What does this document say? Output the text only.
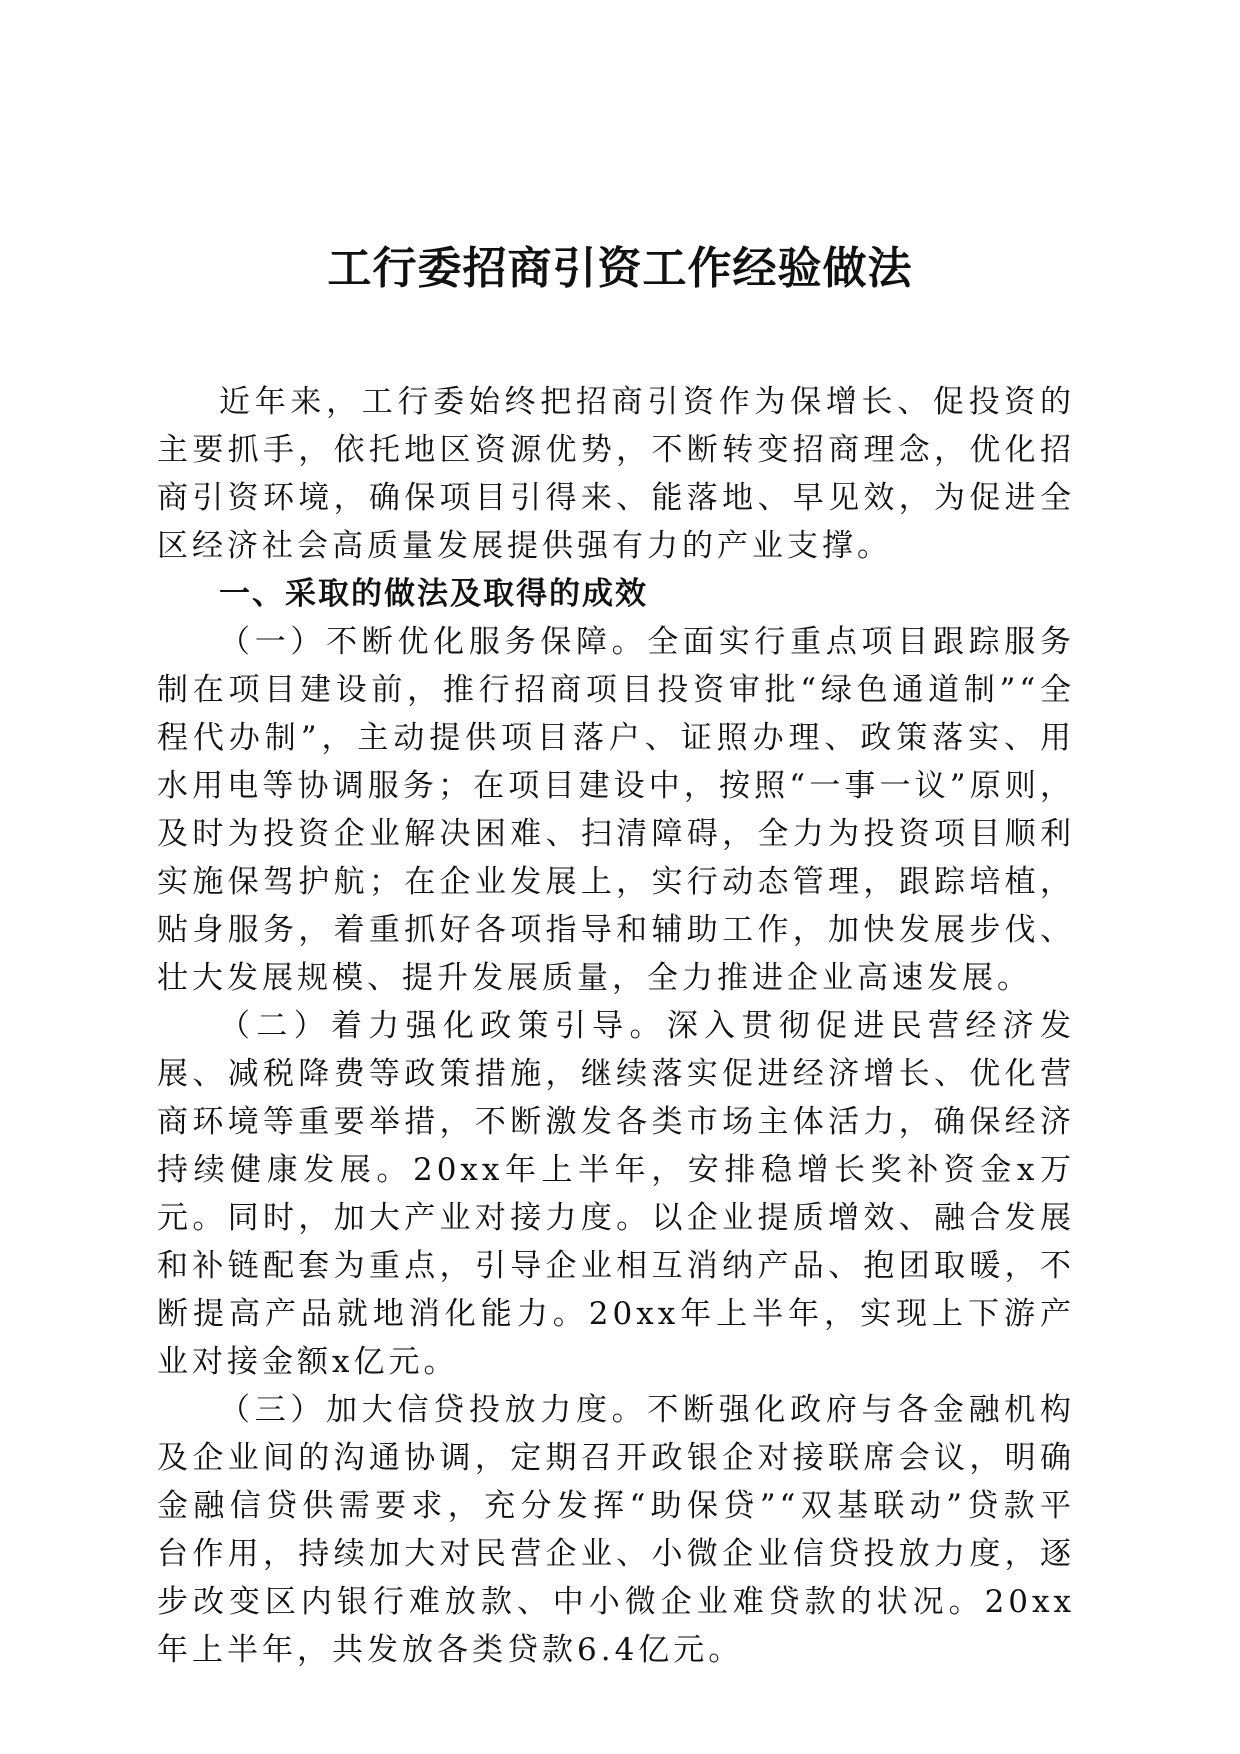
工行委招商引资工作经验做法

近年来，工行委始终把招商引资作为保增长、促投资的主要抓手，依托地区资源优势，不断转变招商理念，优化招商引资环境，确保项目引得来、能落地、早见效，为促进全区经济社会高质量发展提供强有力的产业支撑。

一、采取的做法及取得的成效

（一）不断优化服务保障。全面实行重点项目跟踪服务制在项目建设前，推行招商项目投资审批“绿色通道制”“全程代办制”，主动提供项目落户、证照办理、政策落实、用水用电等协调服务；在项目建设中，按照“一事一议”原则，及时为投资企业解决困难、扫清障碍，全力为投资项目顺利实施保驾护航；在企业发展上，实行动态管理，跟踪培植，贴身服务，着重抓好各项指导和辅助工作，加快发展步伐、壮大发展规模、提升发展质量，全力推进企业高速发展。

（二）着力强化政策引导。深入贯彻促进民营经济发展、减税降费等政策措施，继续落实促进经济增长、优化营商环境等重要举措，不断激发各类市场主体活力，确保经济持续健康发展。20xx年上半年，安排稳增长奖补资金x万元。同时，加大产业对接力度。以企业提质增效、融合发展和补链配套为重点，引导企业相互消纳产品、抱团取暖，不断提高产品就地消化能力。20xx年上半年，实现上下游产业对接金额x亿元。

（三）加大信贷投放力度。不断强化政府与各金融机构及企业间的沟通协调，定期召开政银企对接联席会议，明确金融信贷供需要求，充分发挥“助保贷”“双基联动”贷款平台作用，持续加大对民营企业、小微企业信贷投放力度，逐步改变区内银行难放款、中小微企业难贷款的状况。20xx年上半年，共发放各类贷款6.4亿元。
